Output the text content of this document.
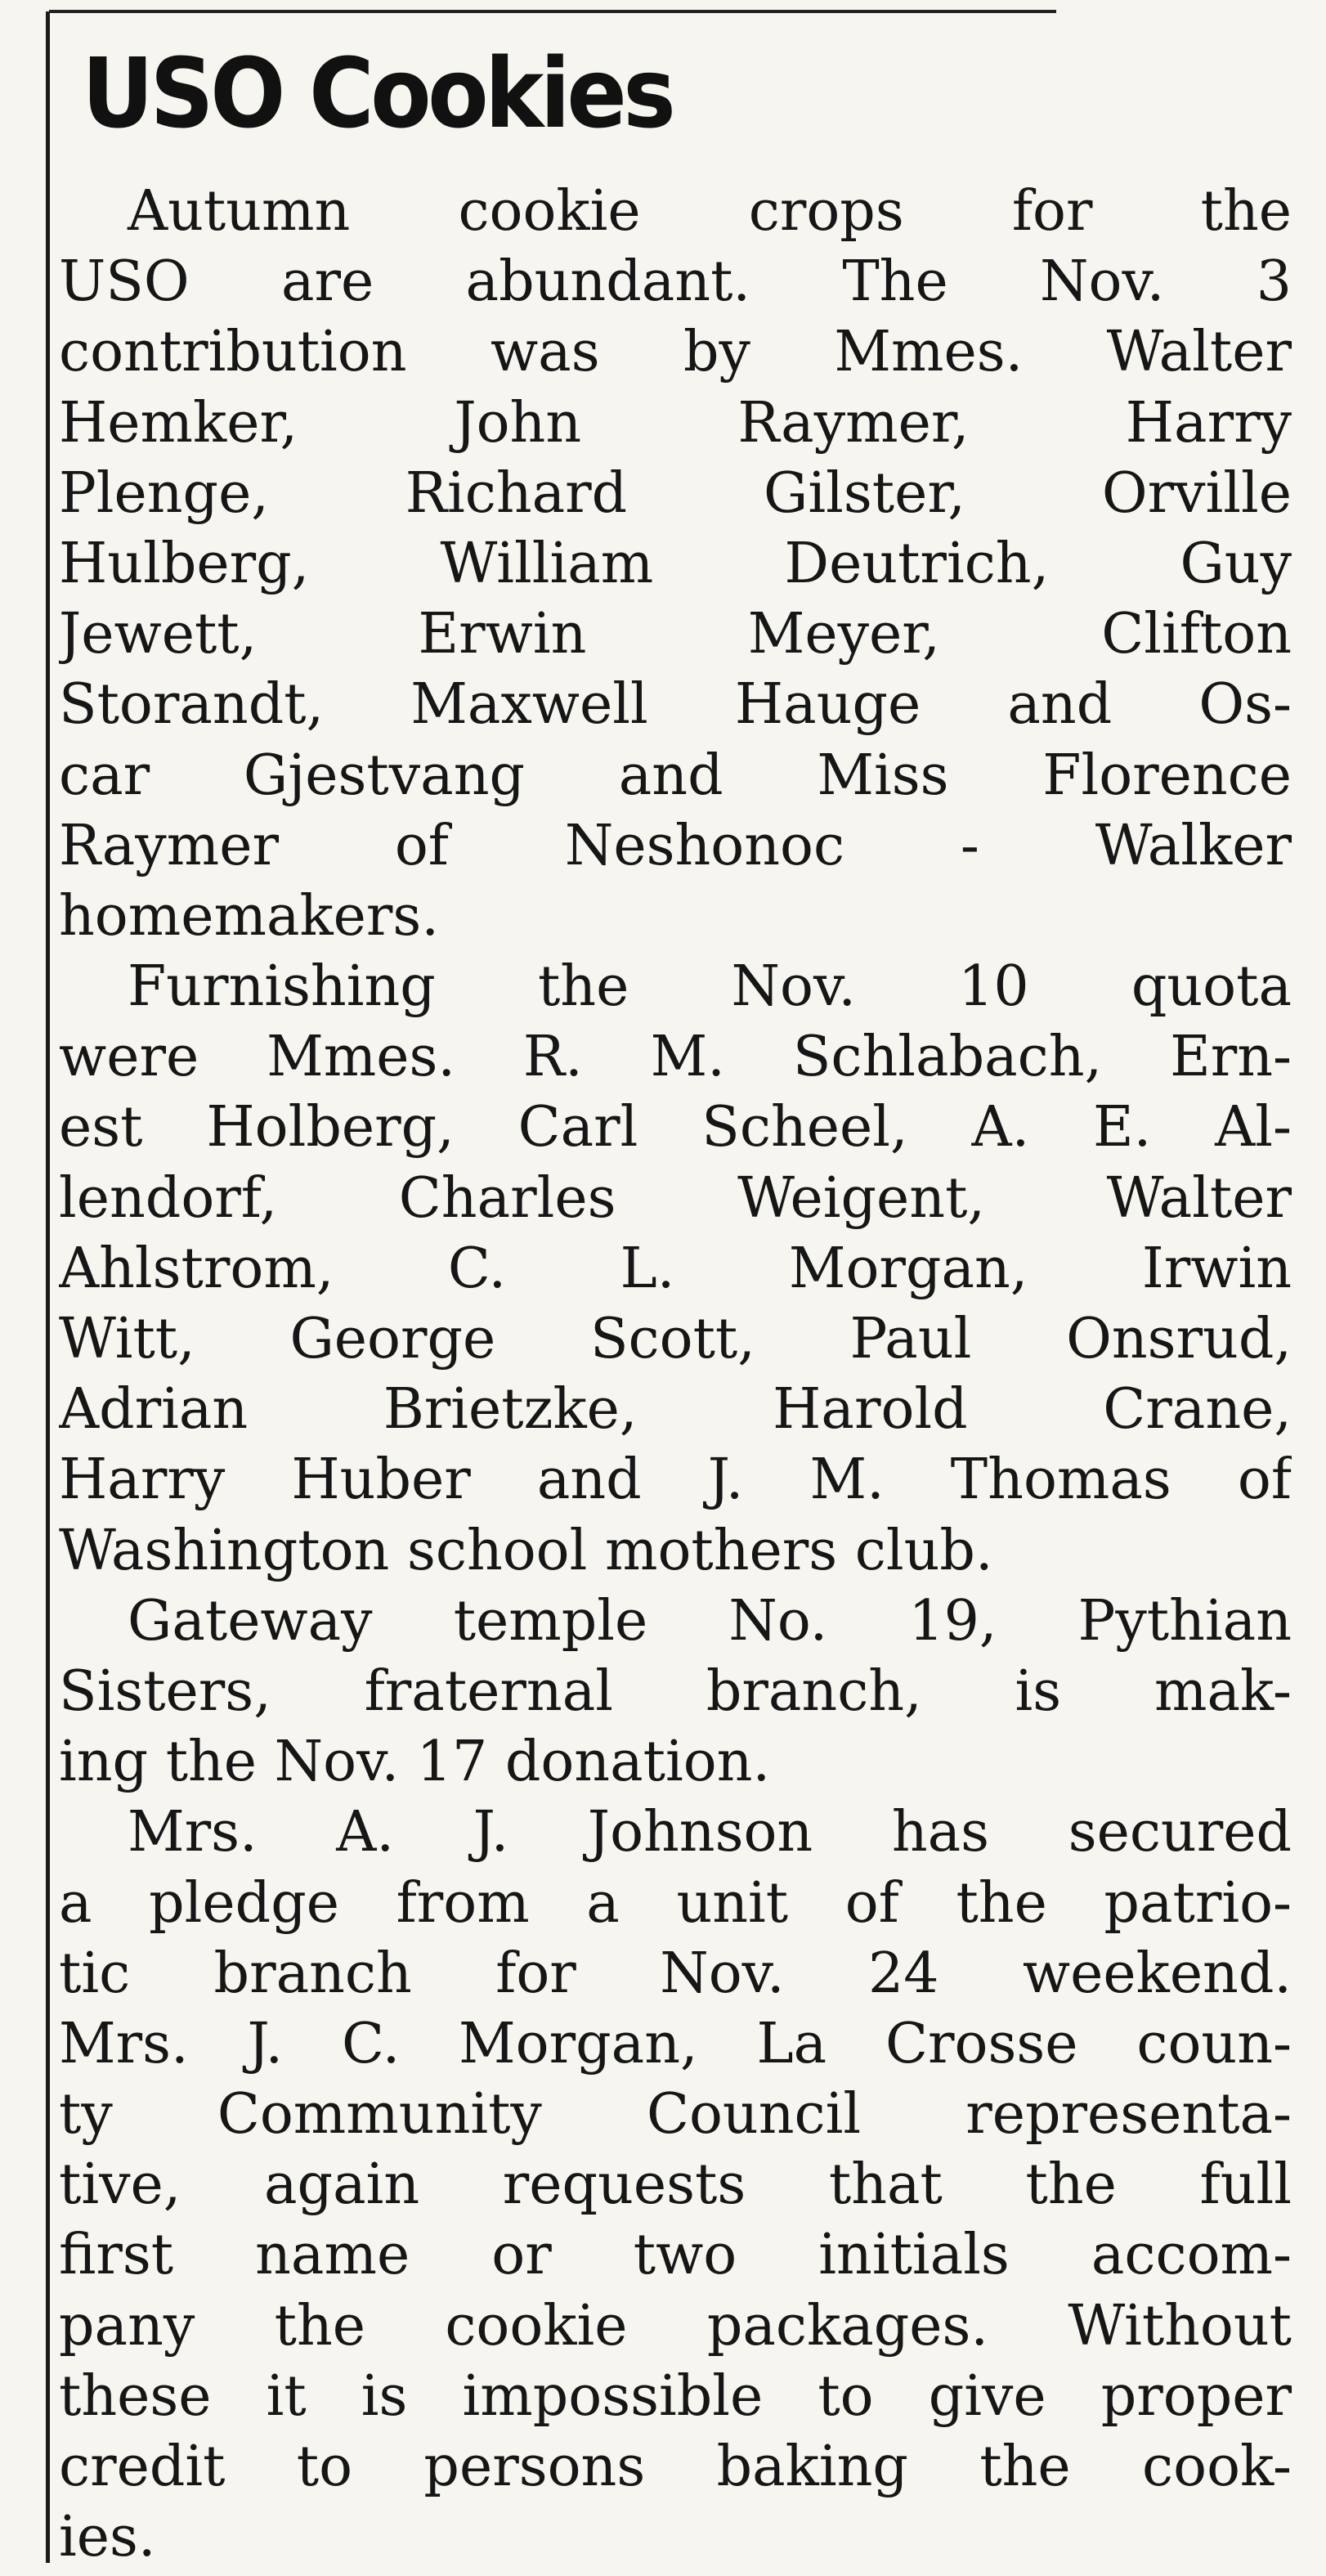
USO Cookies
Autumn cookie crops for the
USO are abundant. The Nov. 3
contribution was by Mmes. Walter
Hemker, John Raymer, Harry
Plenge, Richard Gilster, Orville
Hulberg, William Deutrich, Guy
Jewett, Erwin Meyer, Clifton
Storandt, Maxwell Hauge and Os-
car Gjestvang and Miss Florence
Raymer of Neshonoc - Walker
homemakers.
Furnishing the Nov. 10 quota
were Mmes. R. M. Schlabach, Ern-
est Holberg, Carl Scheel, A. E. Al-
lendorf, Charles Weigent, Walter
Ahlstrom, C. L. Morgan, Irwin
Witt, George Scott, Paul Onsrud,
Adrian Brietzke, Harold Crane,
Harry Huber and J. M. Thomas of
Washington school mothers club.
Gateway temple No. 19, Pythian
Sisters, fraternal branch, is mak-
ing the Nov. 17 donation.
Mrs. A. J. Johnson has secured
a pledge from a unit of the patrio-
tic branch for Nov. 24 weekend.
Mrs. J. C. Morgan, La Crosse coun-
ty Community Council representa-
tive, again requests that the full
first name or two initials accom-
pany the cookie packages. Without
these it is impossible to give proper
credit to persons baking the cook-
ies.
